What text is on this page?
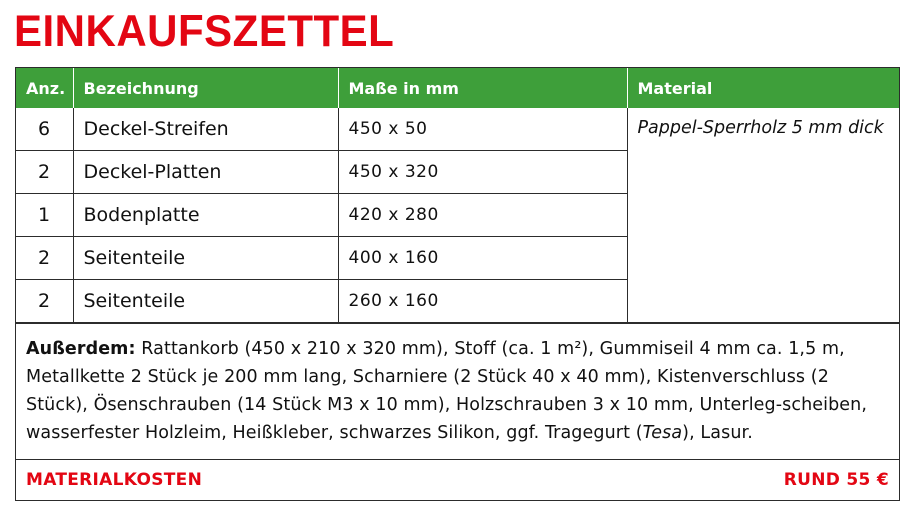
EINKAUFSZETTEL
Anz.	Bezeichnung	Maße in mm	Material
6	Deckel-Streifen	450 x 50	Pappel-Sperrholz 5 mm dick
2	Deckel-Platten	450 x 320	
1	Bodenplatte	420 x 280	
2	Seitenteile	400 x 160	
2	Seitenteile	260 x 160	
Außerdem: Rattankorb (450 x 210 x 320 mm), Stoff (ca. 1 m²), Gummiseil 4 mm ca. 1,5 m, Metallkette 2 Stück je 200 mm lang, Scharniere (2 Stück 40 x 40 mm), Kistenverschluss (2 Stück), Ösenschrauben (14 Stück M3 x 10 mm), Holzschrauben 3 x 10 mm, Unterleg-scheiben, wasserfester Holzleim, Heißkleber, schwarzes Silikon, ggf. Tragegurt (Tesa), Lasur.
MATERIALKOSTEN	RUND 55 €
